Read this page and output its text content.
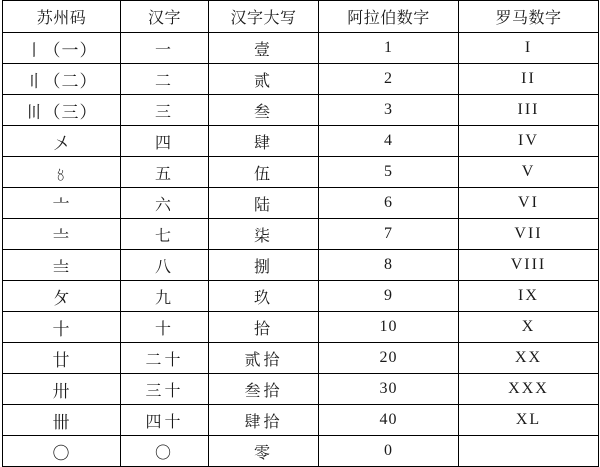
苏州码	汉字	汉字大写	阿拉伯数字	罗马数字
〡（一）	一	壹	1	I
〢（二）	二	贰	2	II
〣（三）	三	叁	3	III
〤	四	肆	4	IV
〥	五	伍	5	V
〦	六	陆	6	VI
〧	七	柒	7	VII
〨	八	捌	8	VIII
〩	九	玖	9	IX
十	十	拾	10	X
廿	二十	贰拾	20	XX
卅	三十	叁拾	30	XXX
卌	四十	肆拾	40	XL
〇	〇	零	0	
